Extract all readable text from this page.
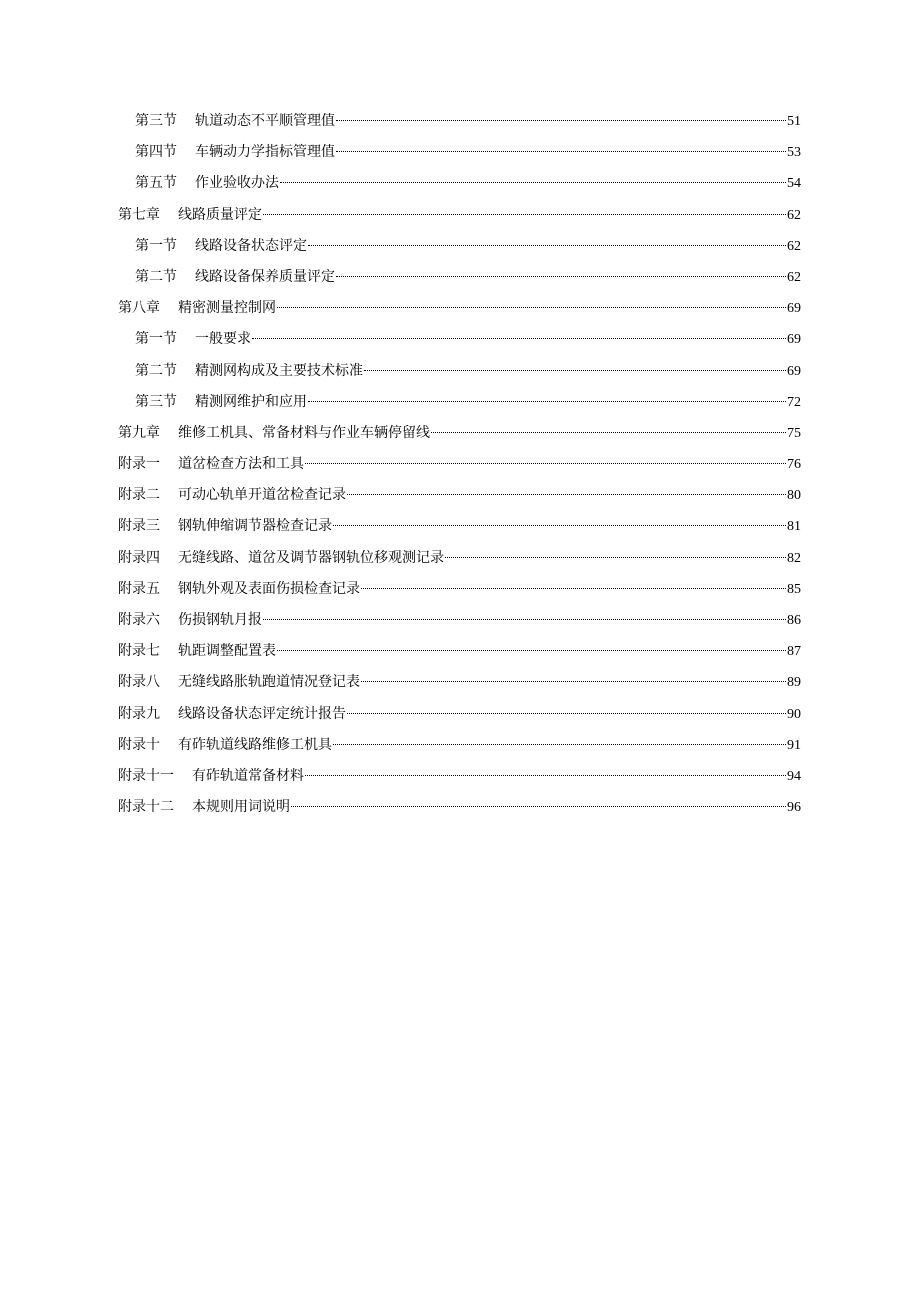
第三节 轨道动态不平顺管理值	51
第四节 车辆动力学指标管理值	53
第五节 作业验收办法	54
第七章 线路质量评定	62
第一节 线路设备状态评定	62
第二节 线路设备保养质量评定	62
第八章 精密测量控制网	69
第一节 一般要求	69
第二节 精测网构成及主要技术标准	69
第三节 精测网维护和应用	72
第九章 维修工机具、常备材料与作业车辆停留线	75
附录一 道岔检查方法和工具	76
附录二 可动心轨单开道岔检查记录	80
附录三 钢轨伸缩调节器检查记录	81
附录四 无缝线路、道岔及调节器钢轨位移观测记录	82
附录五 钢轨外观及表面伤损检查记录	85
附录六 伤损钢轨月报	86
附录七 轨距调整配置表	87
附录八 无缝线路胀轨跑道情况登记表	89
附录九 线路设备状态评定统计报告	90
附录十 有砟轨道线路维修工机具	91
附录十一 有砟轨道常备材料	94
附录十二 本规则用词说明	96
